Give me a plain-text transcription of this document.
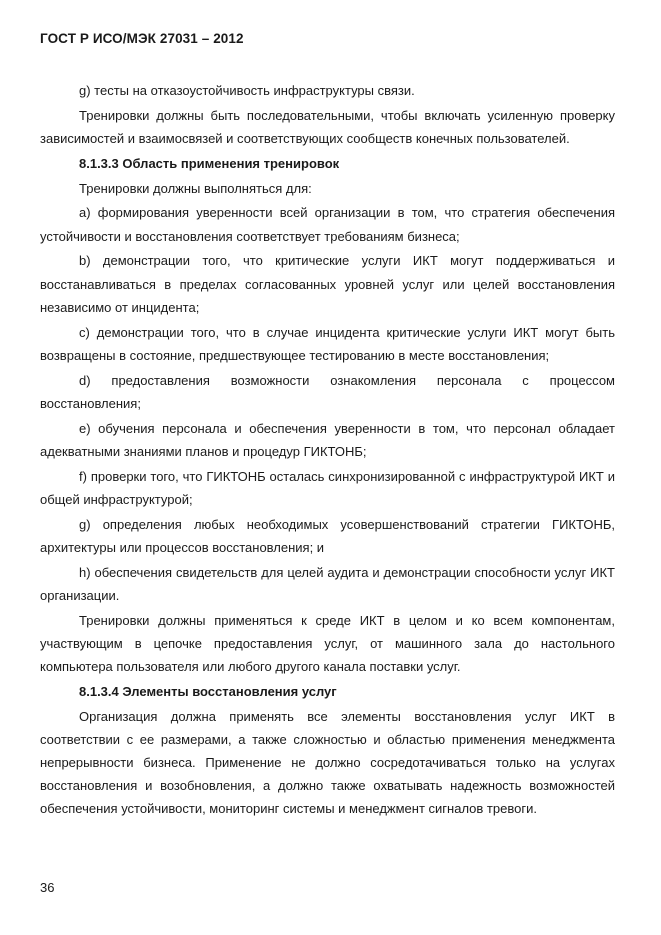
ГОСТ Р ИСО/МЭК 27031 – 2012

g) тесты на отказоустойчивость инфраструктуры связи.

Тренировки должны быть последовательными, чтобы включать усиленную проверку зависимостей и взаимосвязей и соответствующих сообществ конечных пользователей.

8.1.3.3 Область применения тренировок

Тренировки должны выполняться для:

a) формирования уверенности всей организации в том, что стратегия обеспечения устойчивости и восстановления соответствует требованиям бизнеса;

b) демонстрации того, что критические услуги ИКТ могут поддерживаться и восстанавливаться в пределах согласованных уровней услуг или целей восстановления независимо от инцидента;

c) демонстрации того, что в случае инцидента критические услуги ИКТ могут быть возвращены в состояние, предшествующее тестированию в месте восстановления;

d) предоставления возможности ознакомления персонала с процессом восстановления;

e) обучения персонала и обеспечения уверенности в том, что персонал обладает адекватными знаниями планов и процедур ГИКТОНБ;

f) проверки того, что ГИКТОНБ осталась синхронизированной с инфраструктурой ИКТ и общей инфраструктурой;

g) определения любых необходимых усовершенствований стратегии ГИКТОНБ, архитектуры или процессов восстановления; и

h) обеспечения свидетельств для целей аудита и демонстрации способности услуг ИКТ организации.

Тренировки должны применяться к среде ИКТ в целом и ко всем компонентам, участвующим в цепочке предоставления услуг, от машинного зала до настольного компьютера пользователя или любого другого канала поставки услуг.

8.1.3.4 Элементы восстановления услуг

Организация должна применять все элементы восстановления услуг ИКТ в соответствии с ее размерами, а также сложностью и областью применения менеджмента непрерывности бизнеса. Применение не должно сосредотачиваться только на услугах восстановления и возобновления, а должно также охватывать надежность возможностей обеспечения устойчивости, мониторинг системы и менеджмент сигналов тревоги.

36
